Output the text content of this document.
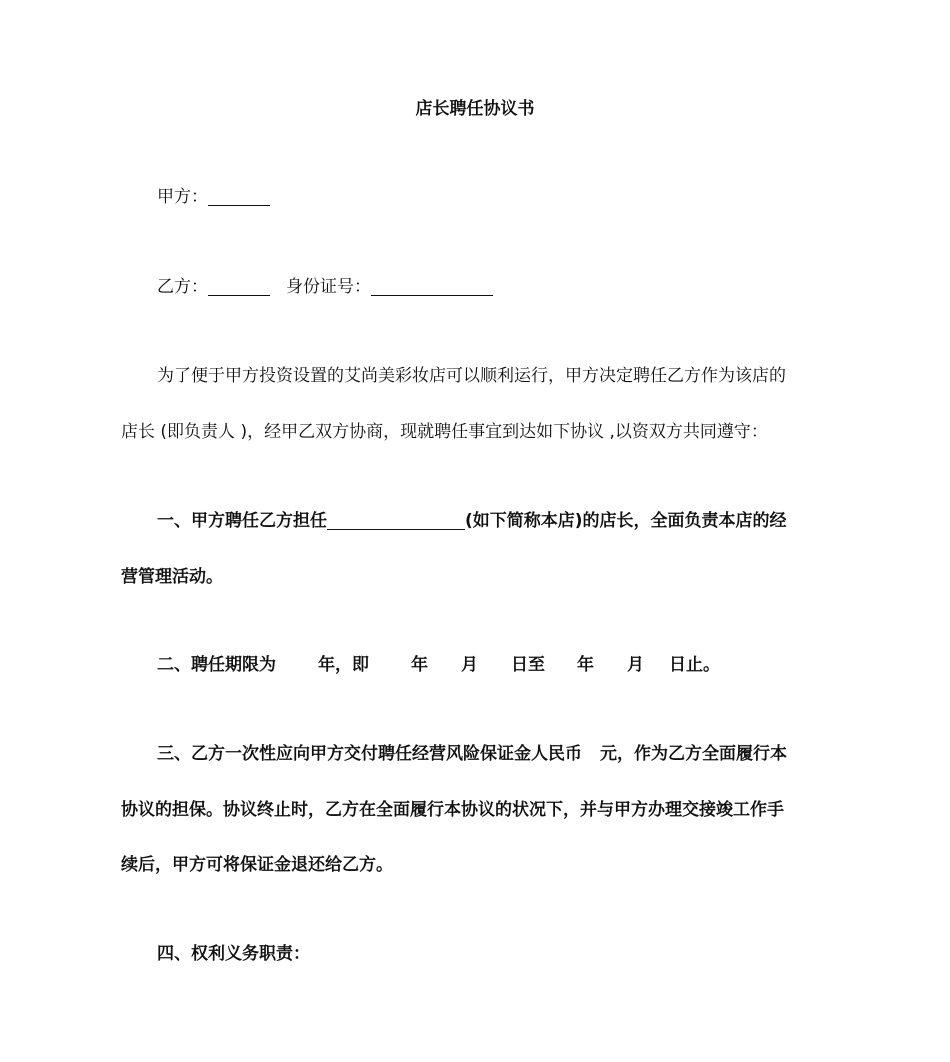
店长聘任协议书
甲方：
乙方：	身份证号：
为了便于甲方投资设置的艾尚美彩妆店可以顺利运行，甲方决定聘任乙方作为该店的
店长 (即负责人 )，经甲乙双方协商，现就聘任事宜到达如下协议 ,以资双方共同遵守：
一、甲方聘任乙方担任	(如下简称本店)的店长，全面负责本店的经
营管理活动。
二、聘任期限为 年，即 年 月 日至 年 月 日止。
三、乙方一次性应向甲方交付聘任经营风险保证金人民币 元，作为乙方全面履行本
协议的担保。协议终止时，乙方在全面履行本协议的状况下，并与甲方办理交接竣工作手
续后，甲方可将保证金退还给乙方。
四、权利义务职责：
